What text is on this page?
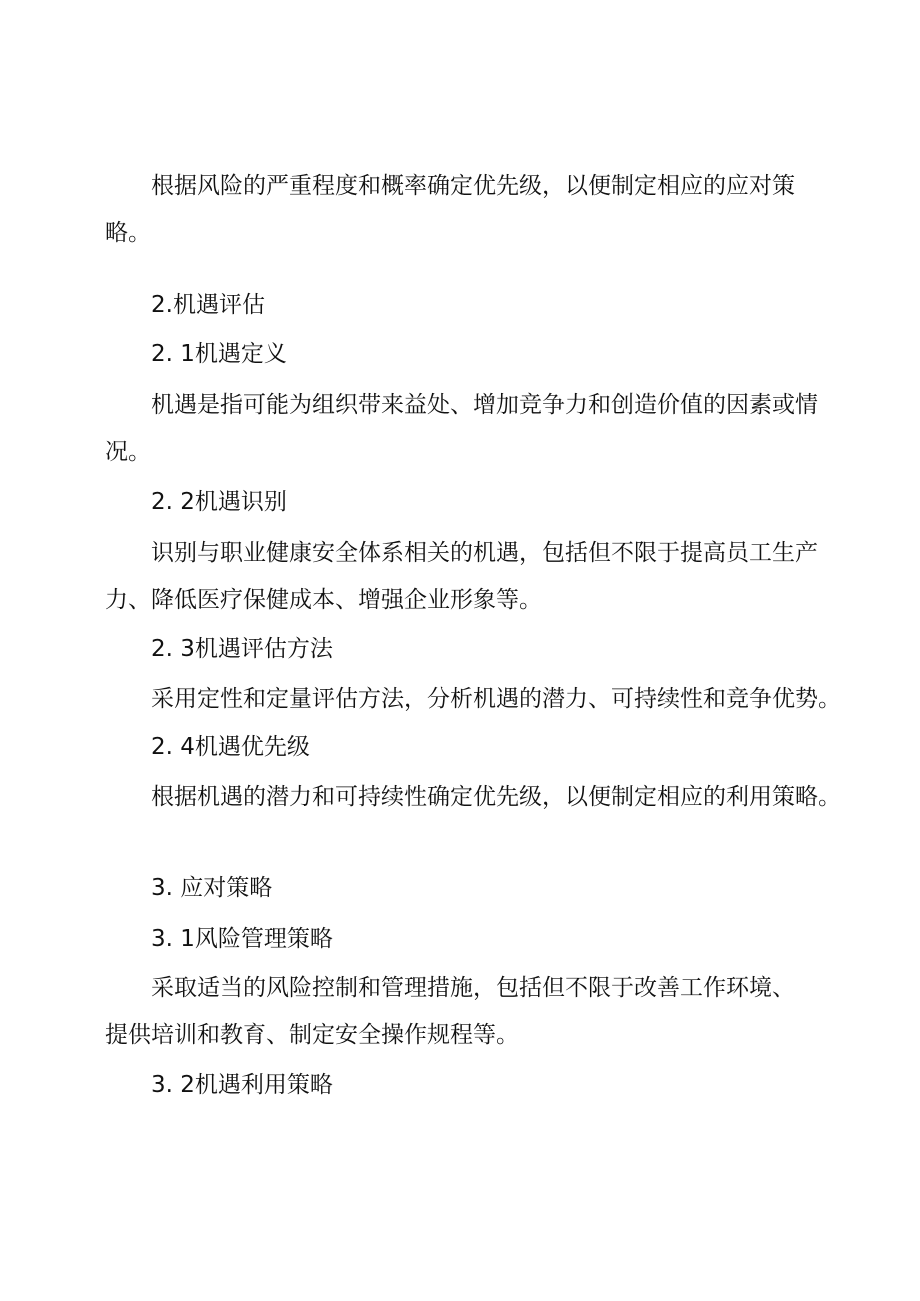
根据风险的严重程度和概率确定优先级，以便制定相应的应对策
略。
2.机遇评估
2. 1机遇定义
机遇是指可能为组织带来益处、增加竞争力和创造价值的因素或情
况。
2. 2机遇识别
识别与职业健康安全体系相关的机遇，包括但不限于提高员工生产
力、降低医疗保健成本、增强企业形象等。
2. 3机遇评估方法
采用定性和定量评估方法，分析机遇的潜力、可持续性和竞争优势。
2. 4机遇优先级
根据机遇的潜力和可持续性确定优先级，以便制定相应的利用策略。
3. 应对策略
3. 1风险管理策略
采取适当的风险控制和管理措施，包括但不限于改善工作环境、
提供培训和教育、制定安全操作规程等。
3. 2机遇利用策略
